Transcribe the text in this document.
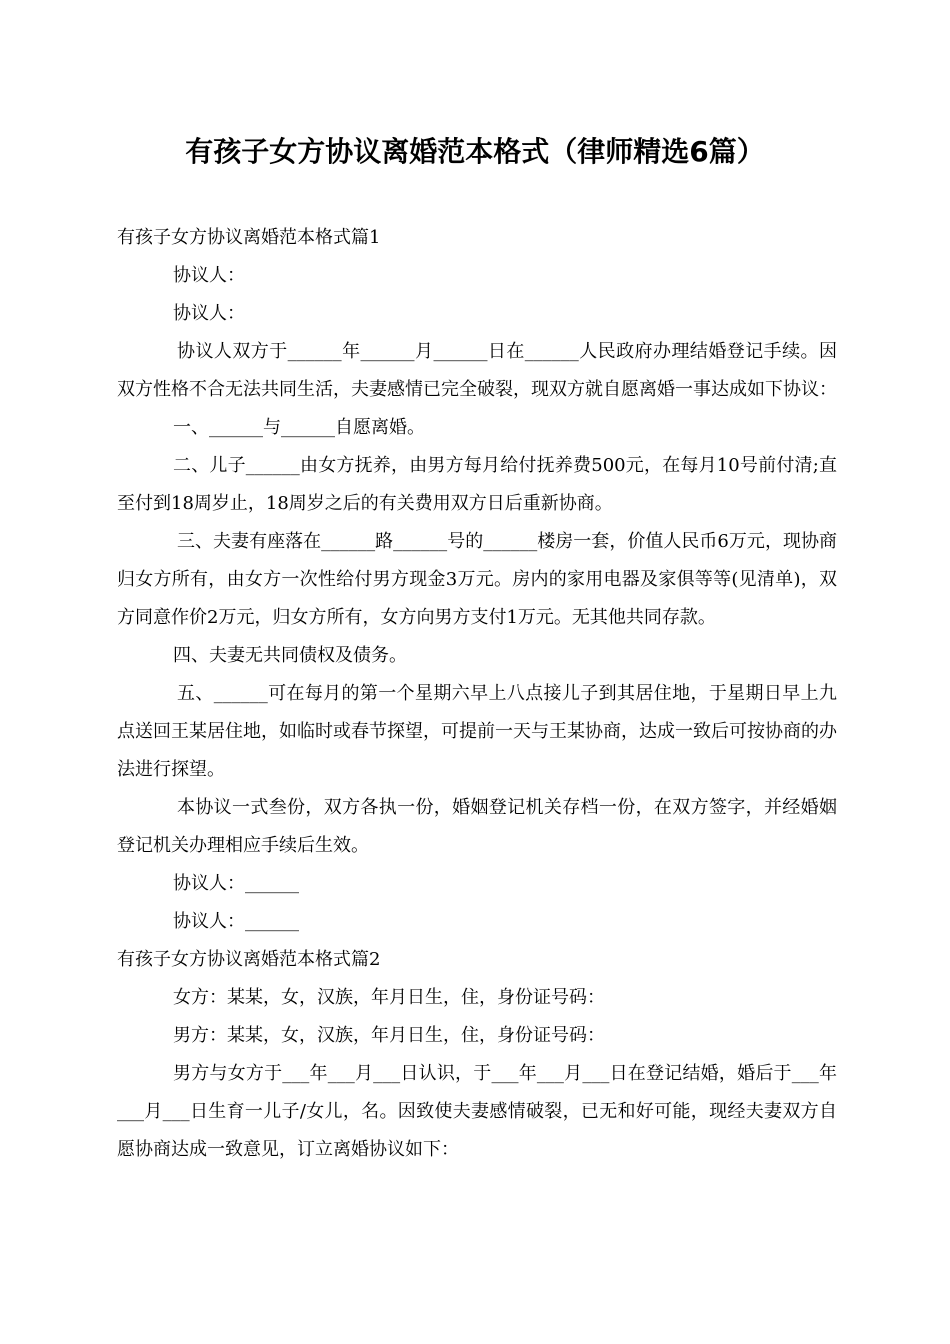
有孩子女方协议离婚范本格式（律师精选6篇）

有孩子女方协议离婚范本格式篇1

协议人：

协议人：

协议人双方于______年______月______日在______人民政府办理结婚登记手续。因双方性格不合无法共同生活，夫妻感情已完全破裂，现双方就自愿离婚一事达成如下协议：

一、______与______自愿离婚。

二、儿子______由女方抚养，由男方每月给付抚养费500元，在每月10号前付清;直至付到18周岁止，18周岁之后的有关费用双方日后重新协商。

三、夫妻有座落在______路______号的______楼房一套，价值人民币6万元，现协商归女方所有，由女方一次性给付男方现金3万元。房内的家用电器及家俱等等(见清单)，双方同意作价2万元，归女方所有，女方向男方支付1万元。无其他共同存款。

四、夫妻无共同债权及债务。

五、______可在每月的第一个星期六早上八点接儿子到其居住地，于星期日早上九点送回王某居住地，如临时或春节探望，可提前一天与王某协商，达成一致后可按协商的办法进行探望。

本协议一式叁份，双方各执一份，婚姻登记机关存档一份，在双方签字，并经婚姻登记机关办理相应手续后生效。

协议人：______

协议人：______

有孩子女方协议离婚范本格式篇2

女方：某某，女，汉族，年月日生，住，身份证号码：

男方：某某，女，汉族，年月日生，住，身份证号码：

男方与女方于___年___月___日认识，于___年___月___日在登记结婚，婚后于___年___月___日生育一儿子/女儿，名。因致使夫妻感情破裂，已无和好可能，现经夫妻双方自愿协商达成一致意见，订立离婚协议如下：
